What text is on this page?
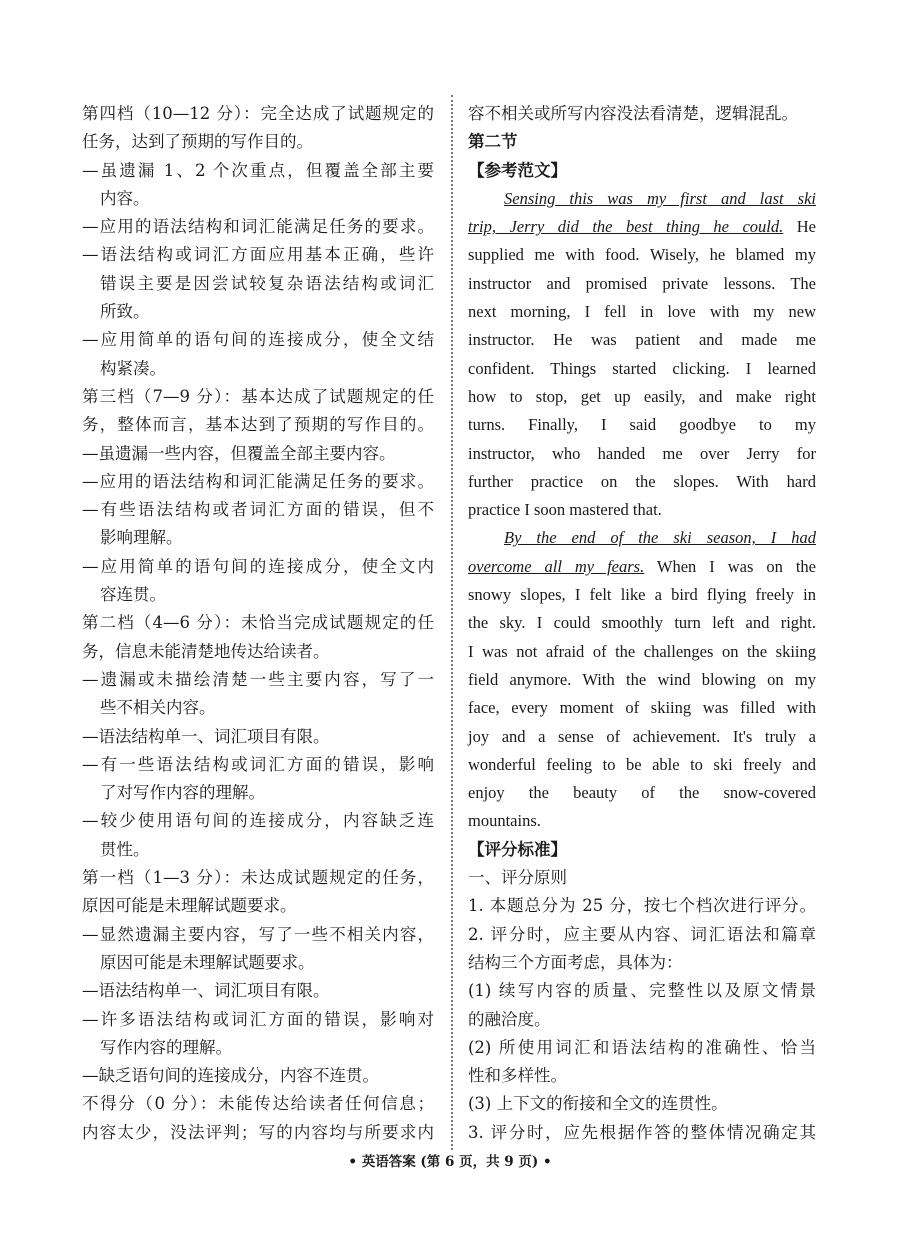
第四档（10—12 分）：完全达成了试题规定的
任务，达到了预期的写作目的。
—虽遗漏 1、2 个次重点，但覆盖全部主要
内容。
—应用的语法结构和词汇能满足任务的要求。
—语法结构或词汇方面应用基本正确，些许
错误主要是因尝试较复杂语法结构或词汇
所致。
—应用简单的语句间的连接成分，使全文结
构紧凑。
第三档（7—9 分）：基本达成了试题规定的任
务，整体而言，基本达到了预期的写作目的。
—虽遗漏一些内容，但覆盖全部主要内容。
—应用的语法结构和词汇能满足任务的要求。
—有些语法结构或者词汇方面的错误，但不
影响理解。
—应用简单的语句间的连接成分，使全文内
容连贯。
第二档（4—6 分）：未恰当完成试题规定的任
务，信息未能清楚地传达给读者。
—遗漏或未描绘清楚一些主要内容，写了一
些不相关内容。
—语法结构单一、词汇项目有限。
—有一些语法结构或词汇方面的错误，影响
了对写作内容的理解。
—较少使用语句间的连接成分，内容缺乏连
贯性。
第一档（1—3 分）：未达成试题规定的任务，
原因可能是未理解试题要求。
—显然遗漏主要内容，写了一些不相关内容，
原因可能是未理解试题要求。
—语法结构单一、词汇项目有限。
—许多语法结构或词汇方面的错误，影响对
写作内容的理解。
—缺乏语句间的连接成分，内容不连贯。
不得分（0 分）：未能传达给读者任何信息；
内容太少，没法评判；写的内容均与所要求内
容不相关或所写内容没法看清楚，逻辑混乱。
第二节
【参考范文】
Sensing this was my first and last ski
trip, Jerry did the best thing he could. He
supplied me with food. Wisely, he blamed my
instructor and promised private lessons. The
next morning, I fell in love with my new
instructor. He was patient and made me
confident. Things started clicking. I learned
how to stop, get up easily, and make right
turns. Finally, I said goodbye to my
instructor, who handed me over Jerry for
further practice on the slopes. With hard
practice I soon mastered that.
By the end of the ski season, I had
overcome all my fears. When I was on the
snowy slopes, I felt like a bird flying freely in
the sky. I could smoothly turn left and right.
I was not afraid of the challenges on the skiing
field anymore. With the wind blowing on my
face, every moment of skiing was filled with
joy and a sense of achievement. It's truly a
wonderful feeling to be able to ski freely and
enjoy the beauty of the snow-covered
mountains.
【评分标准】
一、评分原则
1. 本题总分为 25 分，按七个档次进行评分。
2. 评分时，应主要从内容、词汇语法和篇章
结构三个方面考虑，具体为：
(1) 续写内容的质量、完整性以及原文情景
的融洽度。
(2) 所使用词汇和语法结构的准确性、恰当
性和多样性。
(3) 上下文的衔接和全文的连贯性。
3. 评分时，应先根据作答的整体情况确定其
• 英语答案 (第 6 页，共 9 页) •
